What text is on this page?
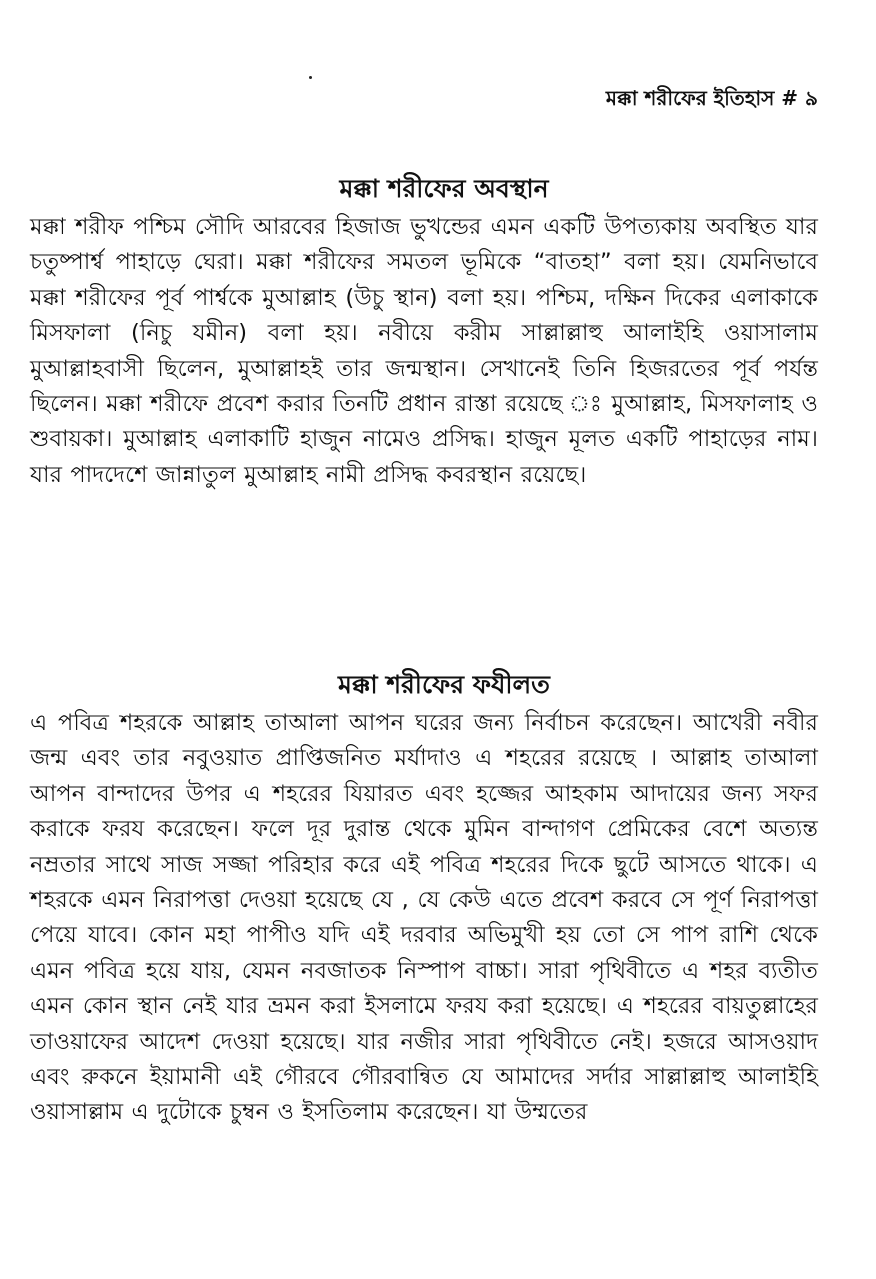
মক্কা শরীফের ইতিহাস # ৯
মক্কা শরীফের অবস্থান

মক্কা শরীফ পশ্চিম সৌদি আরবের হিজাজ ভুখন্ডের এমন একটি উপত্যকায় অবস্থিত যার চতুষ্পার্শ্ব পাহাড়ে ঘেরা। মক্কা শরীফের সমতল ভূমিকে “বাতহা” বলা হয়। যেমনিভাবে মক্কা শরীফের পূর্ব পার্শ্বকে মুআল্লাহ (উচু স্থান) বলা হয়। পশ্চিম, দক্ষিন দিকের এলাকাকে মিসফালা (নিচু যমীন) বলা হয়। নবীয়ে করীম সাল্লাল্লাহু আলাইহি ওয়াসালাম মুআল্লাহবাসী ছিলেন, মুআল্লাহই তার জন্মস্থান। সেখানেই তিনি হিজরতের পূর্ব পর্যন্ত ছিলেন। মক্কা শরীফে প্রবেশ করার তিনটি প্রধান রাস্তা রয়েছে ঃ মুআল্লাহ, মিসফালাহ ও শুবায়কা। মুআল্লাহ এলাকাটি হাজুন নামেও প্রসিদ্ধ। হাজুন মূলত একটি পাহাড়ের নাম। যার পাদদেশে জান্নাতুল মুআল্লাহ নামী প্রসিদ্ধ কবরস্থান রয়েছে।

মক্কা শরীফের ফযীলত

এ পবিত্র শহরকে আল্লাহ তাআলা আপন ঘরের জন্য নির্বাচন করেছেন। আখেরী নবীর জন্ম এবং তার নবুওয়াত প্রাপ্তিজনিত মর্যাদাও এ শহরের রয়েছে । আল্লাহ তাআলা আপন বান্দাদের উপর এ শহরের যিয়ারত এবং হজ্জের আহকাম আদায়ের জন্য সফর করাকে ফরয করেছেন। ফলে দূর দুরান্ত থেকে মুমিন বান্দাগণ প্রেমিকের বেশে অত্যন্ত নম্রতার সাথে সাজ সজ্জা পরিহার করে এই পবিত্র শহরের দিকে ছুটে আসতে থাকে। এ শহরকে এমন নিরাপত্তা দেওয়া হয়েছে যে , যে কেউ এতে প্রবেশ করবে সে পূর্ণ নিরাপত্তা পেয়ে যাবে। কোন মহা পাপীও যদি এই দরবার অভিমুখী হয় তো সে পাপ রাশি থেকে এমন পবিত্র হয়ে যায়, যেমন নবজাতক নিস্পাপ বাচ্চা। সারা পৃথিবীতে এ শহর ব্যতীত এমন কোন স্থান নেই যার ভ্রমন করা ইসলামে ফরয করা হয়েছে। এ শহরের বায়তুল্লাহের তাওয়াফের আদেশ দেওয়া হয়েছে। যার নজীর সারা পৃথিবীতে নেই। হজরে আসওয়াদ এবং রুকনে ইয়ামানী এই গৌরবে গৌরবান্বিত যে আমাদের সর্দার সাল্লাল্লাহু আলাইহি ওয়াসাল্লাম এ দুটোকে চুম্বন ও ইসতিলাম করেছেন। যা উম্মতের
